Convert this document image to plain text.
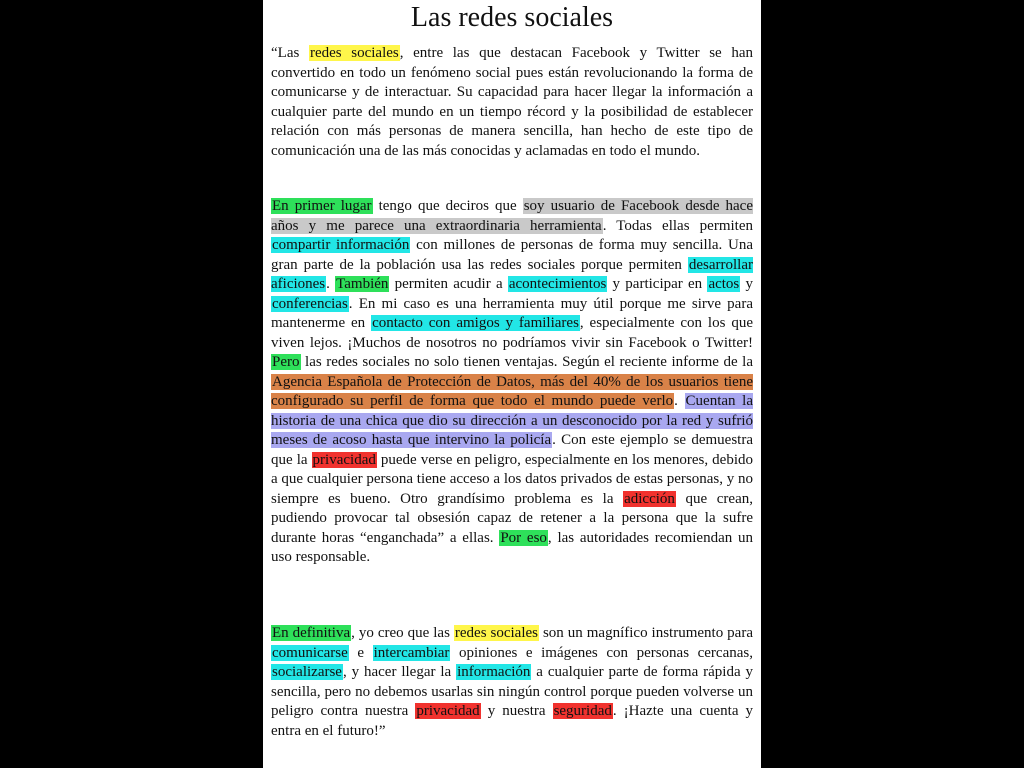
Las redes sociales
“Las redes sociales, entre las que destacan Facebook y Twitter se han convertido en todo un fenómeno social pues están revolucionando la forma de comunicarse y de interactuar. Su capacidad para hacer llegar la información a cualquier parte del mundo en un tiempo récord y la posibilidad de establecer relación con más personas de manera sencilla, han hecho de este tipo de comunicación una de las más conocidas y aclamadas en todo el mundo.
En primer lugar tengo que deciros que soy usuario de Facebook desde hace años y me parece una extraordinaria herramienta. Todas ellas permiten compartir información con millones de personas de forma muy sencilla. Una gran parte de la población usa las redes sociales porque permiten desarrollar aficiones. También permiten acudir a acontecimientos y participar en actos y conferencias. En mi caso es una herramienta muy útil porque me sirve para mantenerme en contacto con amigos y familiares, especialmente con los que viven lejos. ¡Muchos de nosotros no podríamos vivir sin Facebook o Twitter! Pero las redes sociales no solo tienen ventajas. Según el reciente informe de la Agencia Española de Protección de Datos, más del 40% de los usuarios tiene configurado su perfil de forma que todo el mundo puede verlo. Cuentan la historia de una chica que dio su dirección a un desconocido por la red y sufrió meses de acoso hasta que intervino la policía. Con este ejemplo se demuestra que la privacidad puede verse en peligro, especialmente en los menores, debido a que cualquier persona tiene acceso a los datos privados de estas personas, y no siempre es bueno. Otro grandísimo problema es la adicción que crean, pudiendo provocar tal obsesión capaz de retener a la persona que la sufre durante horas “enganchada” a ellas. Por eso, las autoridades recomiendan un uso responsable.
En definitiva, yo creo que las redes sociales son un magnífico instrumento para comunicarse e intercambiar opiniones e imágenes con personas cercanas, socializarse, y hacer llegar la información a cualquier parte de forma rápida y sencilla, pero no debemos usarlas sin ningún control porque pueden volverse un peligro contra nuestra privacidad y nuestra seguridad. ¡Hazte una cuenta y entra en el futuro!”
